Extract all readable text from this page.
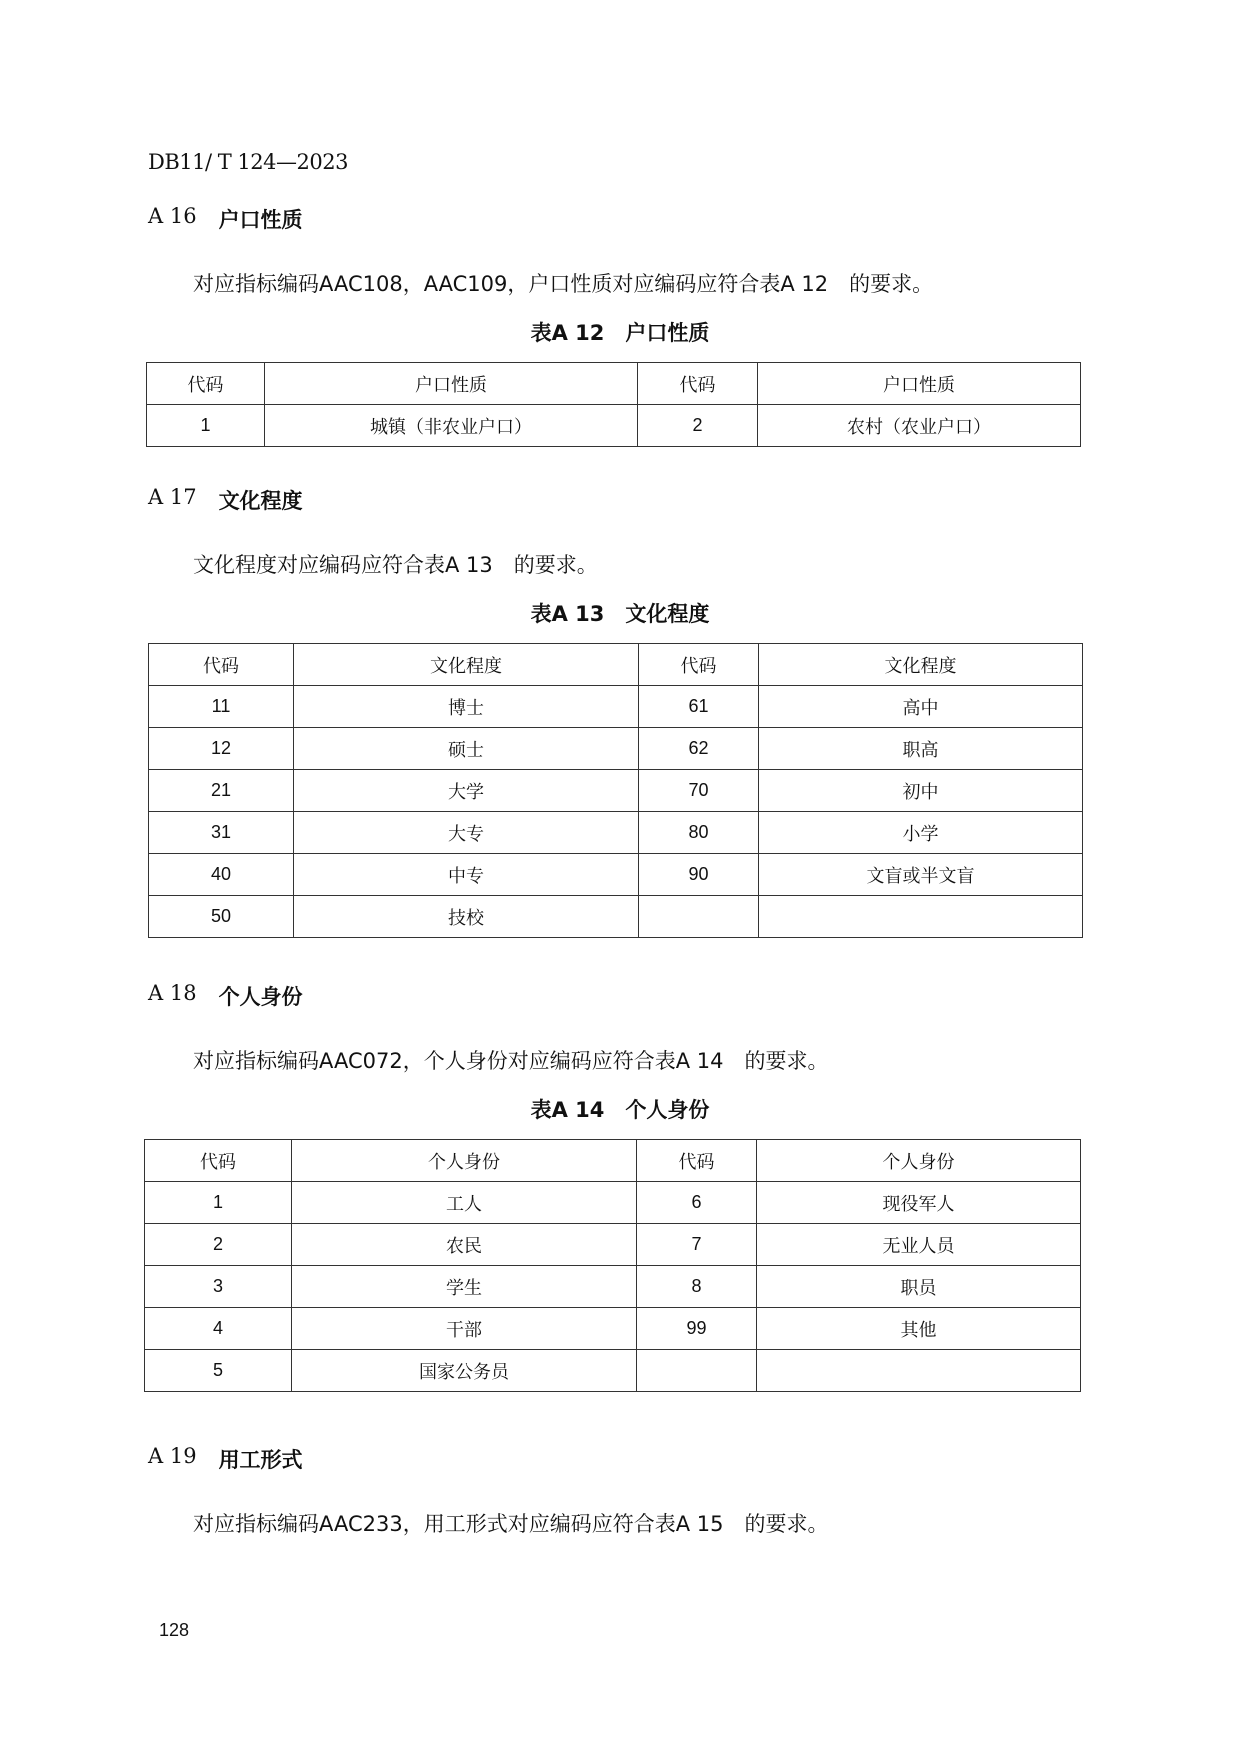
DB11/ T 124—2023
A 16 户口性质
对应指标编码AAC108，AAC109，户口性质对应编码应符合表A 12　的要求。
表A 12　户口性质
代码	户口性质	代码	户口性质
1	城镇（非农业户口）	2	农村（农业户口）
A 17 文化程度
文化程度对应编码应符合表A 13　的要求。
表A 13　文化程度
代码	文化程度	代码	文化程度
11	博士	61	高中
12	硕士	62	职高
21	大学	70	初中
31	大专	80	小学
40	中专	90	文盲或半文盲
50	技校		
A 18 个人身份
对应指标编码AAC072，个人身份对应编码应符合表A 14　的要求。
表A 14　个人身份
代码	个人身份	代码	个人身份
1	工人	6	现役军人
2	农民	7	无业人员
3	学生	8	职员
4	干部	99	其他
5	国家公务员		
A 19 用工形式
对应指标编码AAC233，用工形式对应编码应符合表A 15　的要求。
128
